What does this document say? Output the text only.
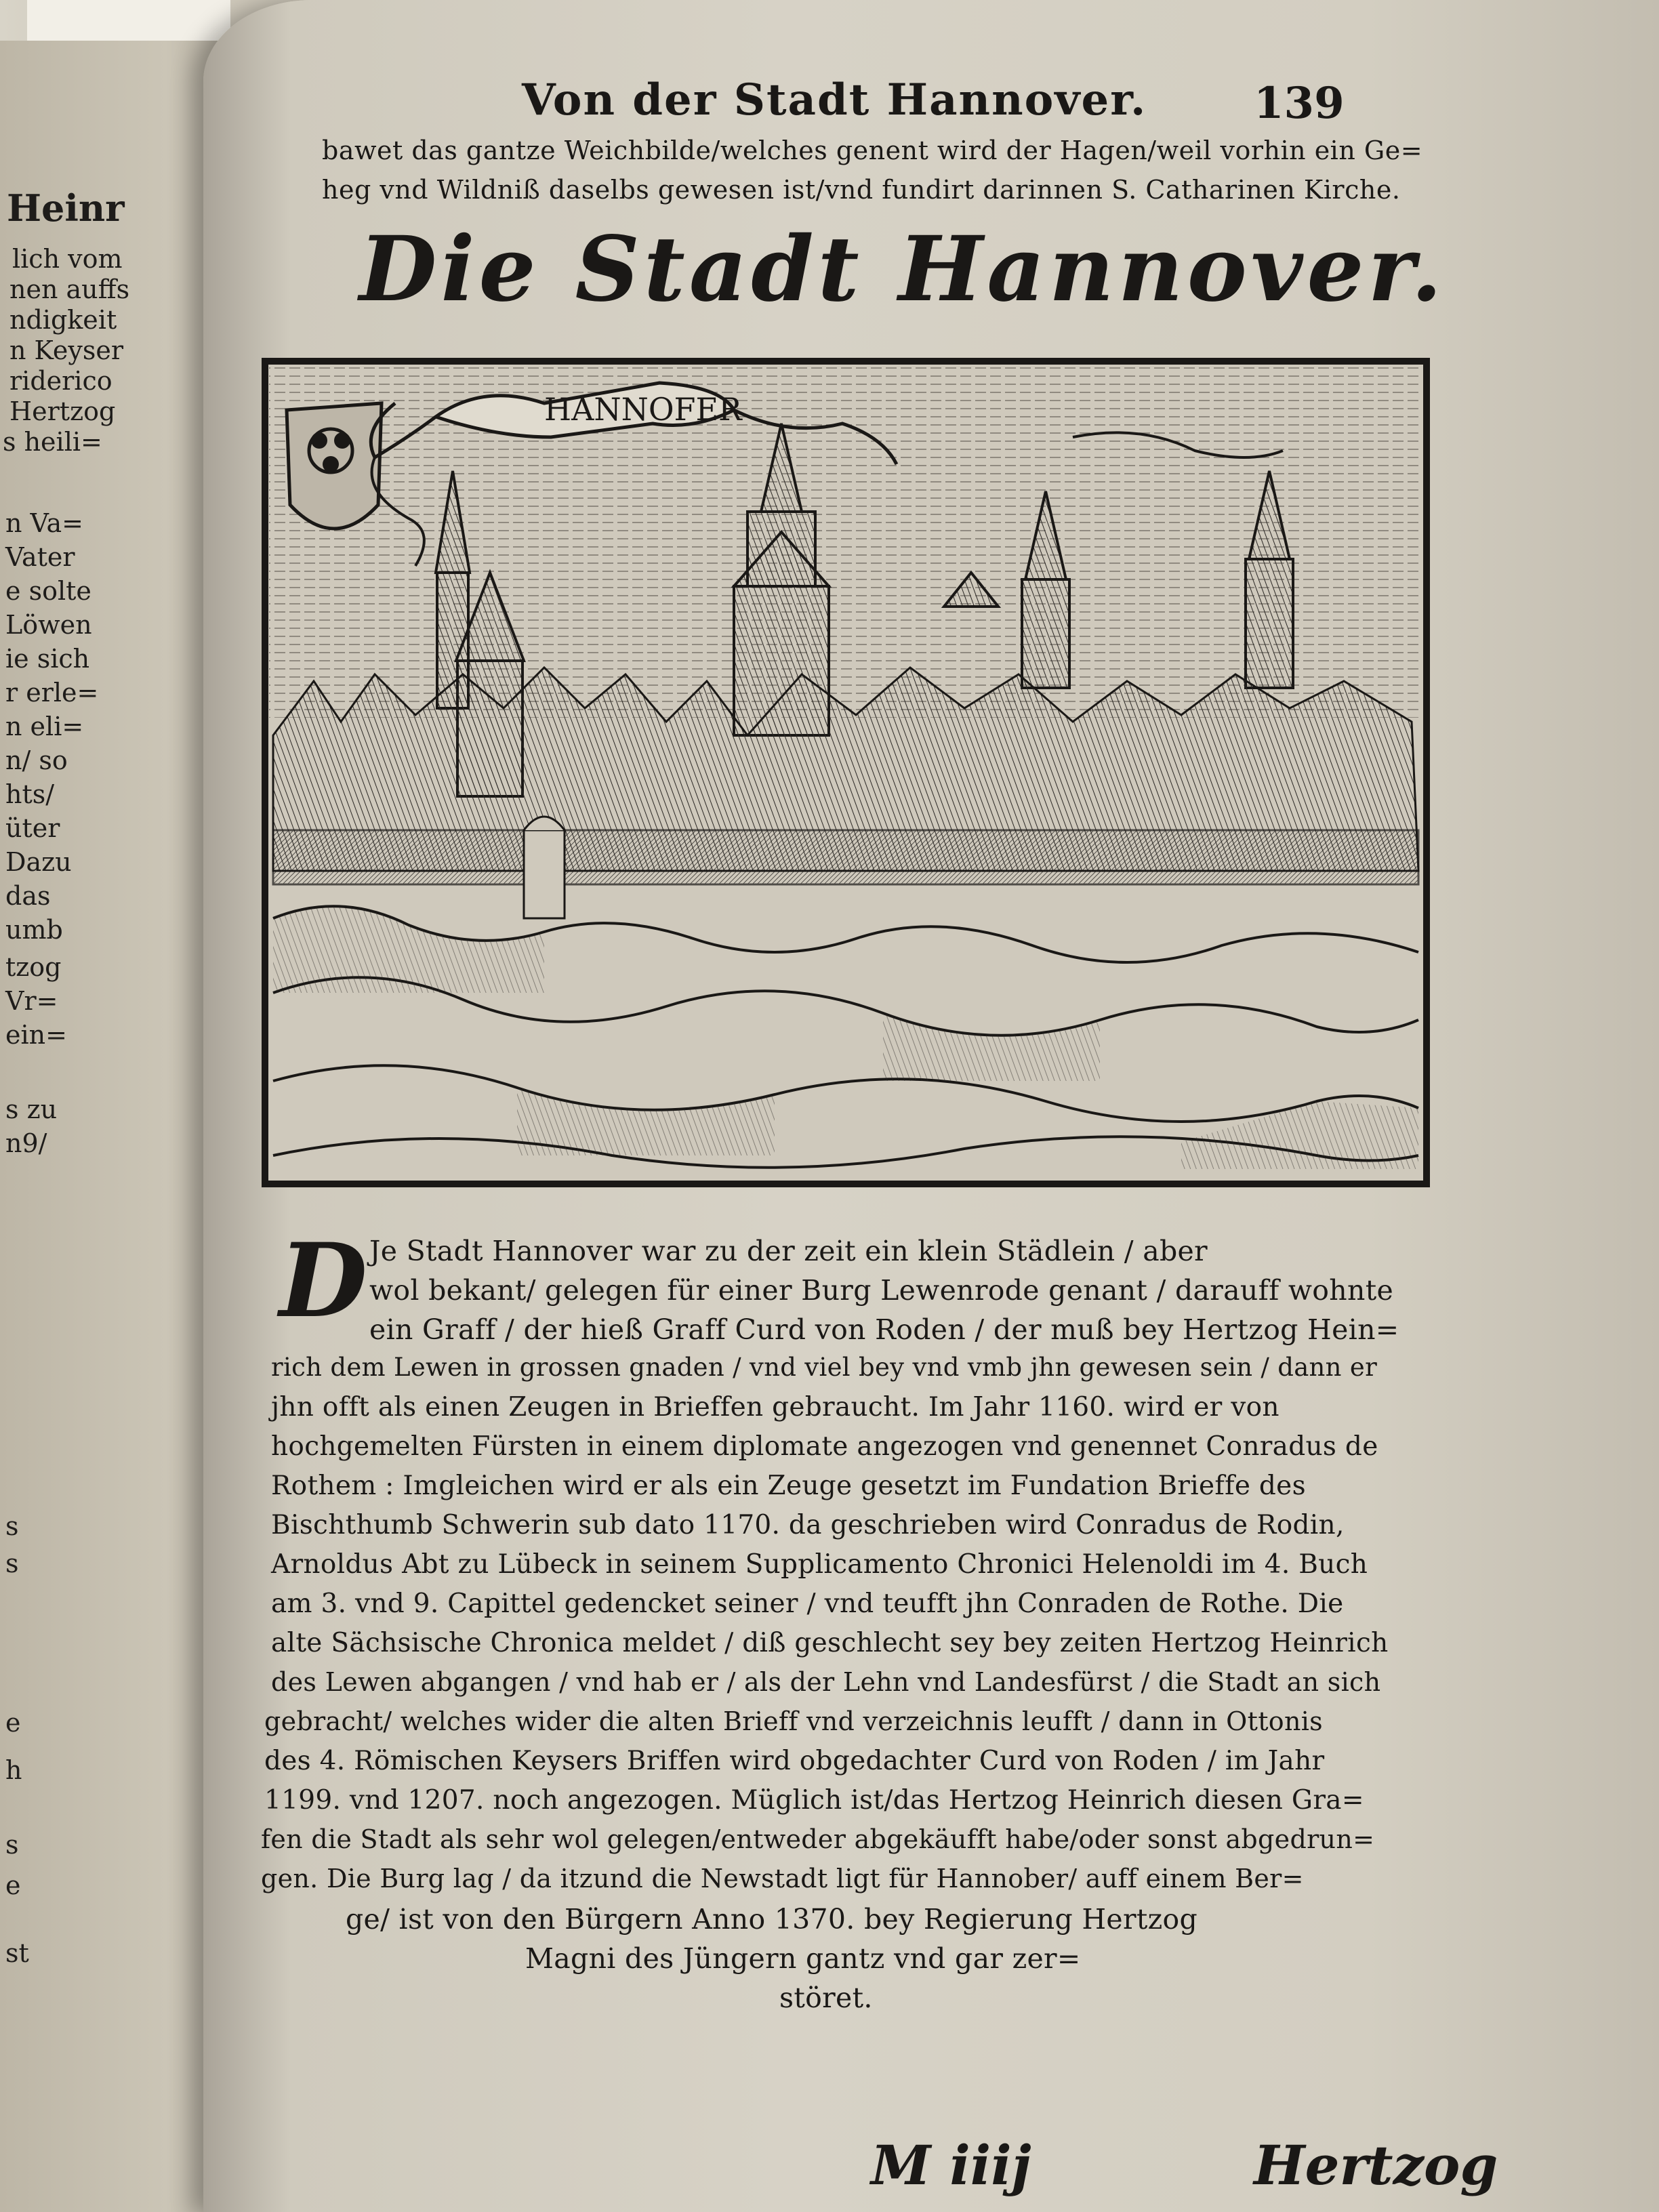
Heinr
lich vom
nen auffs
ndigkeit
n Keyser
riderico
Hertzog
s heili=
n Va=
Vater
e solte
Löwen
ie sich
r erle=
n eli=
n/ so
hts/
üter
Dazu
das
umb
tzog
Vr=
ein=
s zu
n9/
s
s
e
h
s
e
st
Von der Stadt Hannover. 139
bawet das gantze Weichbilde/welches genent wird der Hagen/weil vorhin ein Ge=
heg vnd Wildniß daselbs gewesen ist/vnd fundirt darinnen S. Catharinen Kirche.
Die Stadt Hannover.
HANNOFER
D Je Stadt Hannover war zu der zeit ein klein Städlein / aber
wol bekant/ gelegen für einer Burg Lewenrode genant / darauff wohnte
ein Graff / der hieß Graff Curd von Roden / der muß bey Hertzog Hein=
rich dem Lewen in grossen gnaden / vnd viel bey vnd vmb jhn gewesen sein / dann er
jhn offt als einen Zeugen in Brieffen gebraucht. Im Jahr 1160. wird er von
hochgemelten Fürsten in einem diplomate angezogen vnd genennet Conradus de
Rothem : Imgleichen wird er als ein Zeuge gesetzt im Fundation Brieffe des
Bischthumb Schwerin sub dato 1170. da geschrieben wird Conradus de Rodin,
Arnoldus Abt zu Lübeck in seinem Supplicamento Chronici Helenoldi im 4. Buch
am 3. vnd 9. Capittel gedencket seiner / vnd teufft jhn Conraden de Rothe. Die
alte Sächsische Chronica meldet / diß geschlecht sey bey zeiten Hertzog Heinrich
des Lewen abgangen / vnd hab er / als der Lehn vnd Landesfürst / die Stadt an sich
gebracht/ welches wider die alten Brieff vnd verzeichnis leufft / dann in Ottonis
des 4. Römischen Keysers Briffen wird obgedachter Curd von Roden / im Jahr
1199. vnd 1207. noch angezogen. Müglich ist/das Hertzog Heinrich diesen Gra=
fen die Stadt als sehr wol gelegen/entweder abgekäufft habe/oder sonst abgedrun=
gen. Die Burg lag / da itzund die Newstadt ligt für Hannober/ auff einem Ber=
ge/ ist von den Bürgern Anno 1370. bey Regierung Hertzog
Magni des Jüngern gantz vnd gar zer=
störet.
M iiij	Hertzog
